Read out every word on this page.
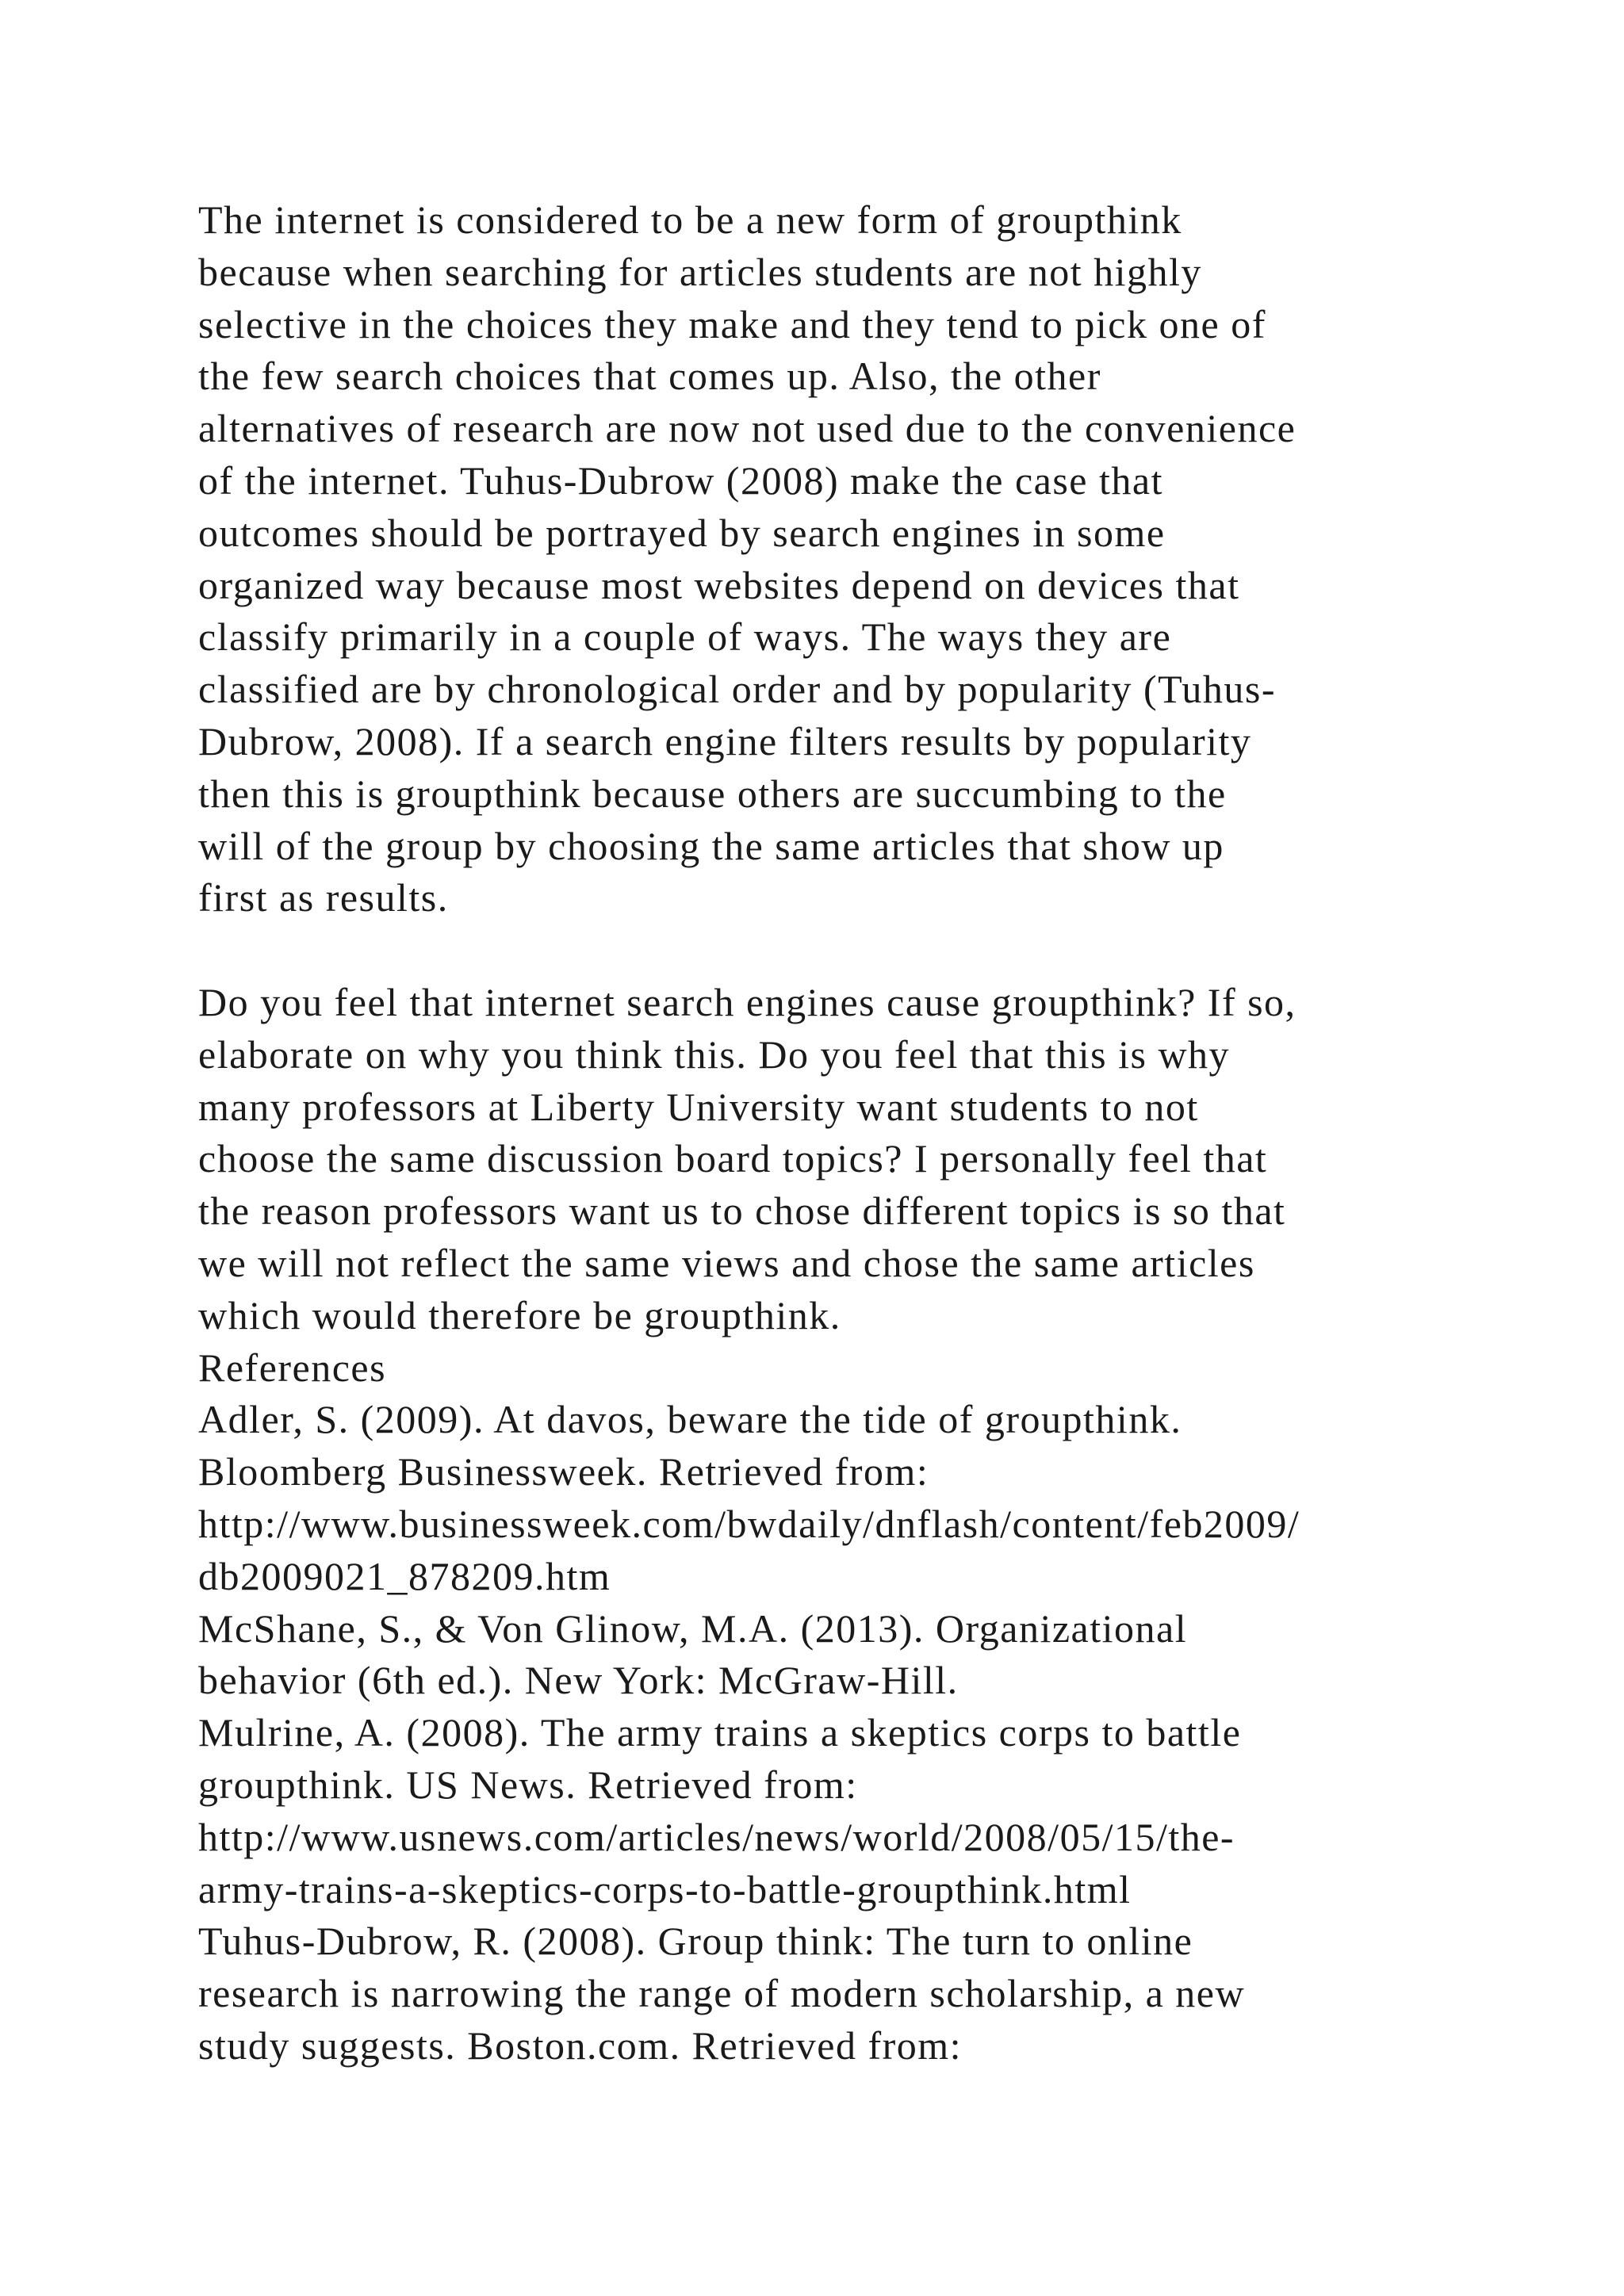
The internet is considered to be a new form of groupthink
because when searching for articles students are not highly
selective in the choices they make and they tend to pick one of
the few search choices that comes up. Also, the other
alternatives of research are now not used due to the convenience
of the internet. Tuhus-Dubrow (2008) make the case that
outcomes should be portrayed by search engines in some
organized way because most websites depend on devices that
classify primarily in a couple of ways. The ways they are
classified are by chronological order and by popularity (Tuhus-
Dubrow, 2008). If a search engine filters results by popularity
then this is groupthink because others are succumbing to the
will of the group by choosing the same articles that show up
first as results.
Do you feel that internet search engines cause groupthink? If so,
elaborate on why you think this. Do you feel that this is why
many professors at Liberty University want students to not
choose the same discussion board topics? I personally feel that
the reason professors want us to chose different topics is so that
we will not reflect the same views and chose the same articles
which would therefore be groupthink.
References
Adler, S. (2009). At davos, beware the tide of groupthink.
Bloomberg Businessweek. Retrieved from:
http://www.businessweek.com/bwdaily/dnflash/content/feb2009/
db2009021_878209.htm
McShane, S., & Von Glinow, M.A. (2013). Organizational
behavior (6th ed.). New York: McGraw-Hill.
Mulrine, A. (2008). The army trains a skeptics corps to battle
groupthink. US News. Retrieved from:
http://www.usnews.com/articles/news/world/2008/05/15/the-
army-trains-a-skeptics-corps-to-battle-groupthink.html
Tuhus-Dubrow, R. (2008). Group think: The turn to online
research is narrowing the range of modern scholarship, a new
study suggests. Boston.com. Retrieved from:
